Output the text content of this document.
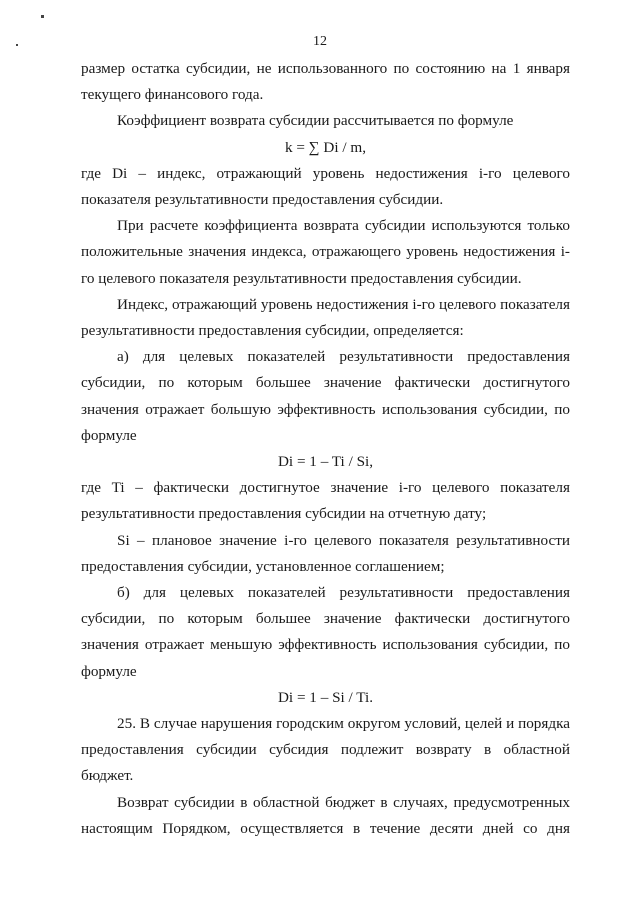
12

размер остатка субсидии, не использованного по состоянию на 1 января текущего финансового года.

Коэффициент возврата субсидии рассчитывается по формуле

k = ∑ Di / m,

где Di – индекс, отражающий уровень недостижения i-го целевого показателя результативности предоставления субсидии.

При расчете коэффициента возврата субсидии используются только положительные значения индекса, отражающего уровень недостижения i-го целевого показателя результативности предоставления субсидии.

Индекс, отражающий уровень недостижения i-го целевого показателя результативности предоставления субсидии, определяется:

а) для целевых показателей результативности предоставления субсидии, по которым большее значение фактически достигнутого значения отражает большую эффективность использования субсидии, по формуле

Di = 1 – Ti / Si,

где Ti – фактически достигнутое значение i-го целевого показателя результативности предоставления субсидии на отчетную дату;

Si – плановое значение i-го целевого показателя результативности предоставления субсидии, установленное соглашением;

б) для целевых показателей результативности предоставления субсидии, по которым большее значение фактически достигнутого значения отражает меньшую эффективность использования субсидии, по формуле

Di = 1 – Si / Ti.

25. В случае нарушения городским округом условий, целей и порядка предоставления субсидии субсидия подлежит возврату в областной бюджет.

Возврат субсидии в областной бюджет в случаях, предусмотренных настоящим Порядком, осуществляется в течение десяти дней со дня
